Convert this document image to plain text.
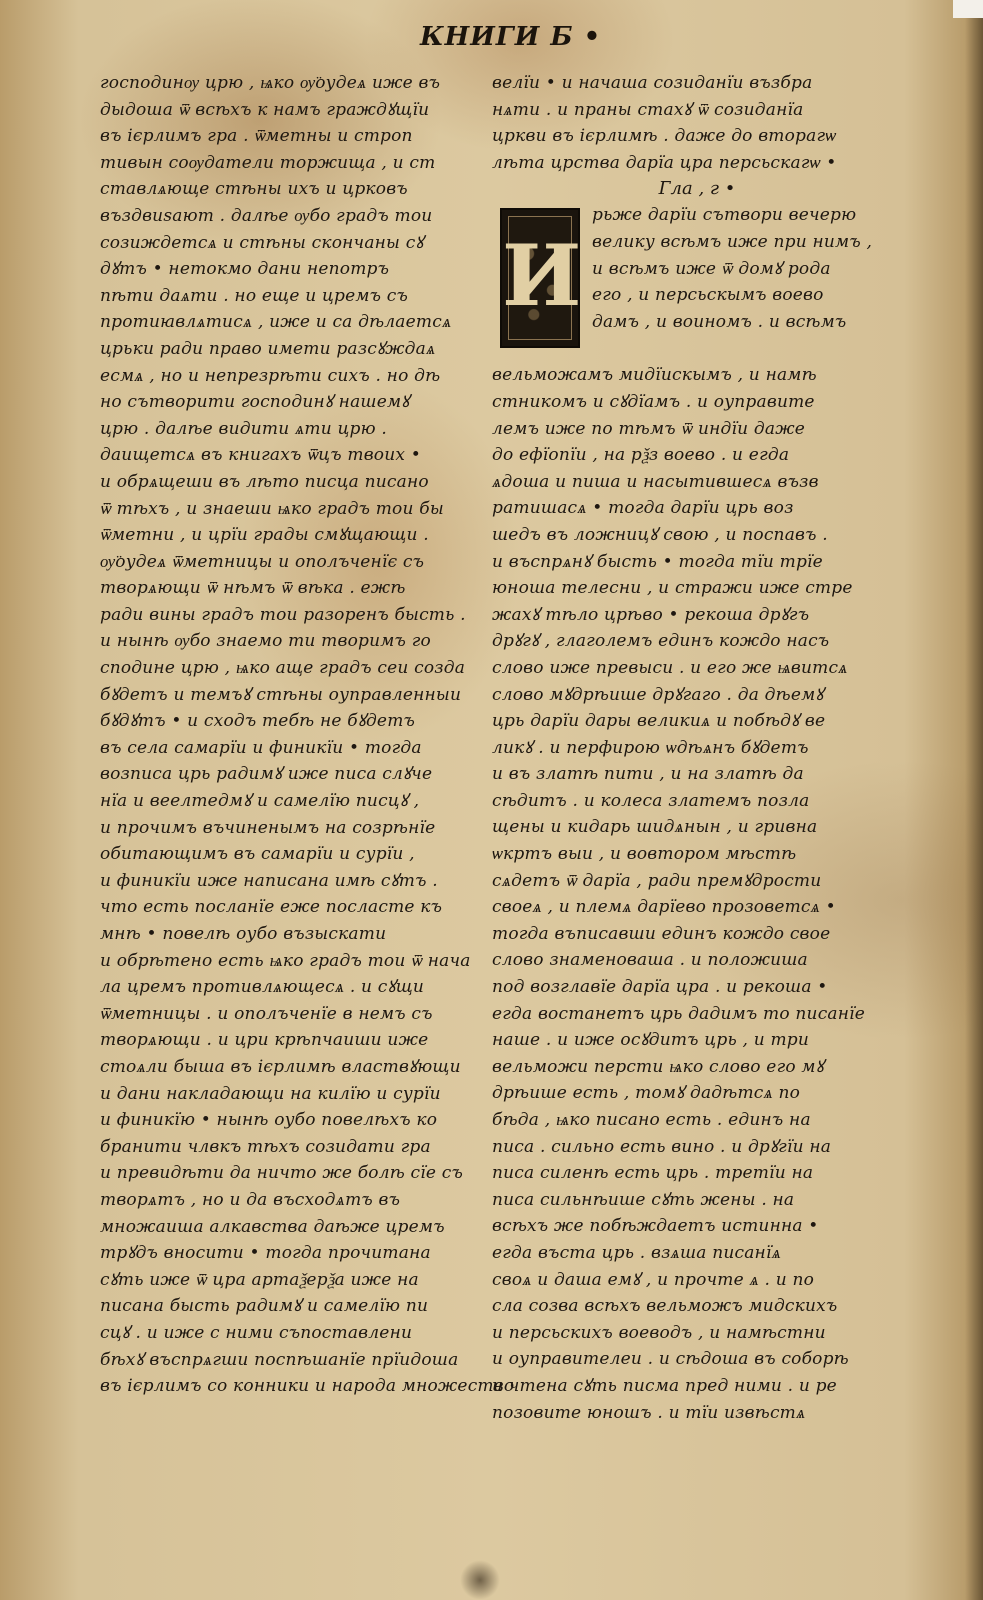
КНИГИ Б •
господинѹ црю , ѩко ѹ̈оудеѧ иже въ
дыдоша ѿ всѣхъ к намъ граждꙋщїи
въ ієрлимъ гра . ѿметны и строп
тивын соѹдатели торжища , и ст
ставлѧюще стѣны ихъ и црковъ
въздвиѕают . далѣе ѹбо градъ тои
созиждетсѧ и стѣны скончаны сꙋ
дꙋтъ • нетокмо дани непотръ
пѣти даѧти . но еще и цремъ съ
протиꙗвлѧтисѧ , иже и са дѣлаетсѧ
црьки ради право имети разсꙋждаѧ
есмѧ , но и непрезрѣти сихъ . но дѣ
но сътворити господинꙋ нашемꙋ
црю . далѣе видити ѧти црю .
даищетсѧ въ книгахъ ѿцъ твоих •
и обрѧщеши въ лѣто писца писано
ѿ тѣхъ , и знаеши ѩко градъ тои бы
ѿметни , и црїи грады смꙋщающи .
ѹ̈оудеѧ ѿметницы и ополъченїє съ
творѧющи ѿ нѣмъ ѿ вѣка . ежѣ
ради вины градъ тои разоренъ бысть .
и нынѣ ѹбо знаемо ти творимъ го
сподине црю , ѩко аще градъ сеи созда
бꙋдетъ и темъꙋ стѣны оуправленныи
бꙋдꙋтъ • и сходъ тебѣ не бꙋдетъ
въ села самарїи и финикїи • тогда
возписа црь радимꙋ иже писа слꙋче
нїа и веелтедмꙋ и самелїю писцꙋ ,
и прочимъ въчиненымъ на созрѣнїе
обитающимъ въ самарїи и сурїи ,
и финикїи иже написана имѣ сꙋтъ .
что есть посланїе еже посласте къ
мнѣ • повелѣ оубо възыскати
и обрѣтено есть ѩко градъ тои ѿ нача
ла цремъ противлѧющесѧ . и сꙋщи
ѿметницы . и ополъченїе в немъ съ
творѧющи . и цри крѣпчаиши иже
стоѧли быша въ ієрлимѣ властвꙋющи
и дани накладающи на килїю и сурїи
и финикїю • нынѣ оубо повелѣхъ ко
бранити члвкъ тѣхъ созидати гра
и превидѣти да ничто же болѣ сїе съ
творѧтъ , но и да въсходѧтъ въ
множаиша алкавства даѣже цремъ
трꙋдъ вносити • тогда прочитана
сꙋть иже ѿ цра артаѯерѯа иже на
писана бысть радимꙋ и самелїю пи
сцꙋ . и иже с ними съпоставлени
бѣхꙋ въспрѧгши поспѣшанїе прїидоша
въ ієрлимъ со конники и народа множество
велїи • и начаша созиданїи възбра
нѧти . и праны стахꙋ ѿ созиданїа
цркви въ ієрлимѣ . даже до вторагѡ
лѣта црства дарїа цра персьскагѡ •
Гла , г •
И
рьже дарїи сътвори вечерю
велику всѣмъ иже при нимъ ,
и всѣмъ иже ѿ домꙋ рода
его , и персьскымъ воево
дамъ , и воиномъ . и всѣмъ
вельможамъ мидїискымъ , и намѣ
стникомъ и сꙋдїамъ . и оуправите
лемъ иже по тѣмъ ѿ индїи даже
до ефїопїи , на рѯз воево . и егда
ѧдоша и пиша и насытившесѧ възв
ратишасѧ • тогда дарїи црь воз
шедъ въ ложницꙋ свою , и поспавъ .
и въспрѧнꙋ бысть • тогда тїи трїе
юноша телесни , и стражи иже стре
жахꙋ тѣло црѣво • рекоша дрꙋгъ
дрꙋгꙋ , глаголемъ единъ кождо насъ
слово иже превыси . и его же ѩвитсѧ
слово мꙋдрѣише дрꙋгаго . да дѣемꙋ
црь дарїи дары великиѧ и побѣдꙋ ве
ликꙋ . и перфирою ѡдѣѧнъ бꙋдетъ
и въ златѣ пити , и на златѣ да
сѣдитъ . и колеса златемъ позла
щены и кидарь шидѧнын , и гривна
ѡкртъ выи , и вовтором мѣстѣ
сѧдетъ ѿ дарїа , ради премꙋдрости
своеѧ , и племѧ дарїево прозоветсѧ •
тогда въписавши единъ кождо свое
слово знаменоваша . и положиша
под возглавїе дарїа цра . и рекоша •
егда востанетъ црь дадимъ то писанїе
наше . и иже осꙋдитъ црь , и три
вельможи персти ѩко слово его мꙋ
дрѣише есть , томꙋ дадѣтсѧ по
бѣда , ѩко писано есть . единъ на
писа . сильно есть вино . и дрꙋгїи на
писа силенѣ есть црь . третїи на
писа сильнѣише сꙋть жены . на
всѣхъ же побѣждаетъ истинна •
егда въста црь . взѧша писанїѧ
своѧ и даша емꙋ , и прочте ѧ . и по
сла созва всѣхъ вельможъ мидскихъ
и персьскихъ воеводъ , и намѣстни
и оуправителеи . и сѣдоша въ соборѣ
и чтена сꙋть писма пред ними . и ре
позовите юношъ . и тїи извѣстѧ
